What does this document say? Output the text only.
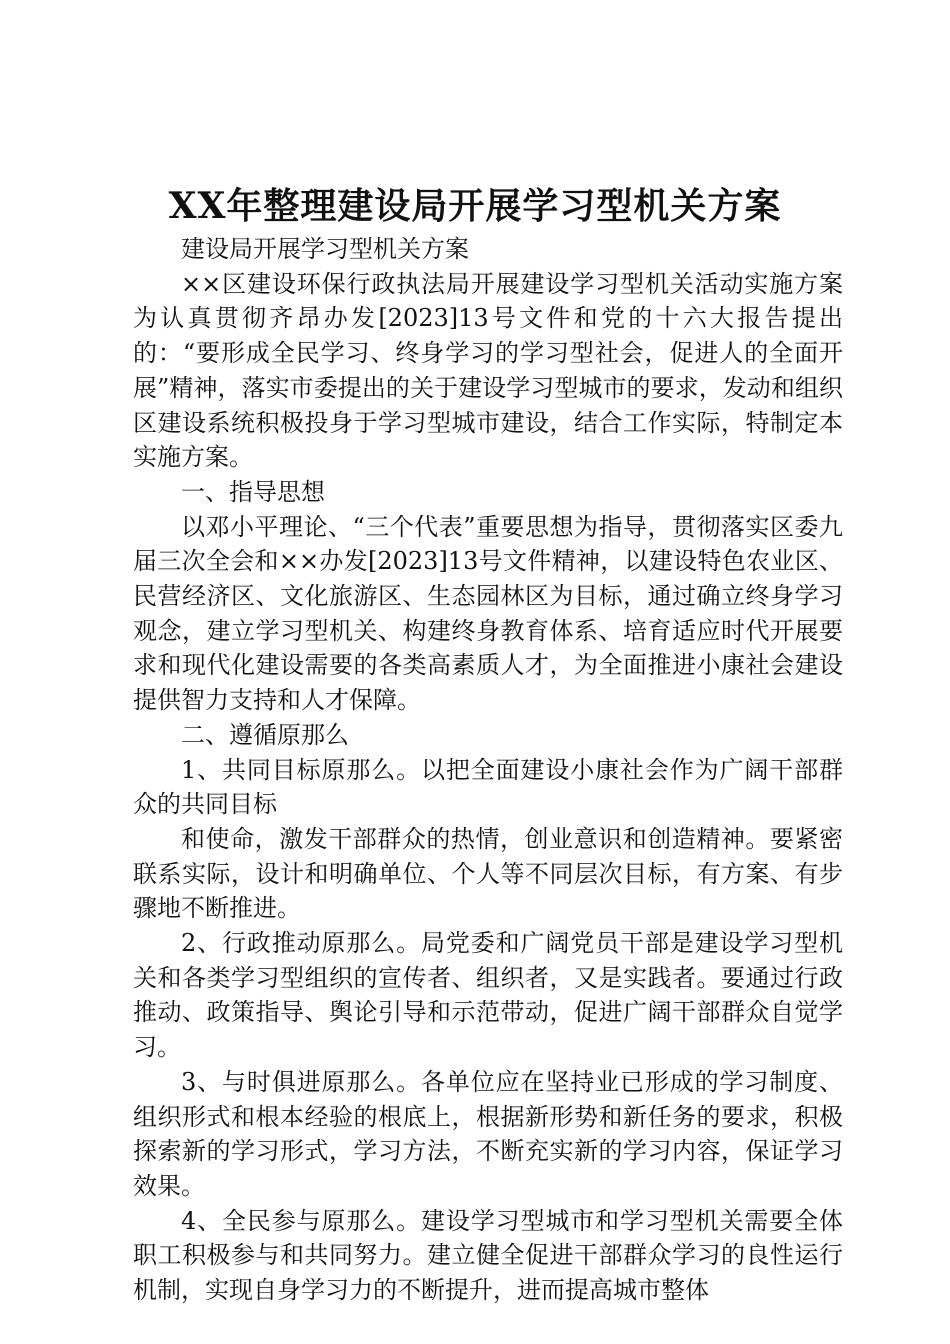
XX年整理建设局开展学习型机关方案

建设局开展学习型机关方案

××区建设环保行政执法局开展建设学习型机关活动实施方案为认真贯彻齐昂办发[2023]13号文件和党的十六大报告提出的：“要形成全民学习、终身学习的学习型社会，促进人的全面开展”精神，落实市委提出的关于建设学习型城市的要求，发动和组织区建设系统积极投身于学习型城市建设，结合工作实际，特制定本实施方案。

一、指导思想

以邓小平理论、“三个代表”重要思想为指导，贯彻落实区委九届三次全会和××办发[2023]13号文件精神，以建设特色农业区、民营经济区、文化旅游区、生态园林区为目标，通过确立终身学习观念，建立学习型机关、构建终身教育体系、培育适应时代开展要求和现代化建设需要的各类高素质人才，为全面推进小康社会建设提供智力支持和人才保障。

二、遵循原那么

1、共同目标原那么。以把全面建设小康社会作为广阔干部群众的共同目标

和使命，激发干部群众的热情，创业意识和创造精神。要紧密联系实际，设计和明确单位、个人等不同层次目标，有方案、有步骤地不断推进。

2、行政推动原那么。局党委和广阔党员干部是建设学习型机关和各类学习型组织的宣传者、组织者，又是实践者。要通过行政推动、政策指导、舆论引导和示范带动，促进广阔干部群众自觉学习。

3、与时俱进原那么。各单位应在坚持业已形成的学习制度、组织形式和根本经验的根底上，根据新形势和新任务的要求，积极探索新的学习形式，学习方法，不断充实新的学习内容，保证学习效果。

4、全民参与原那么。建设学习型城市和学习型机关需要全体职工积极参与和共同努力。建立健全促进干部群众学习的良性运行机制，实现自身学习力的不断提升，进而提高城市整体
